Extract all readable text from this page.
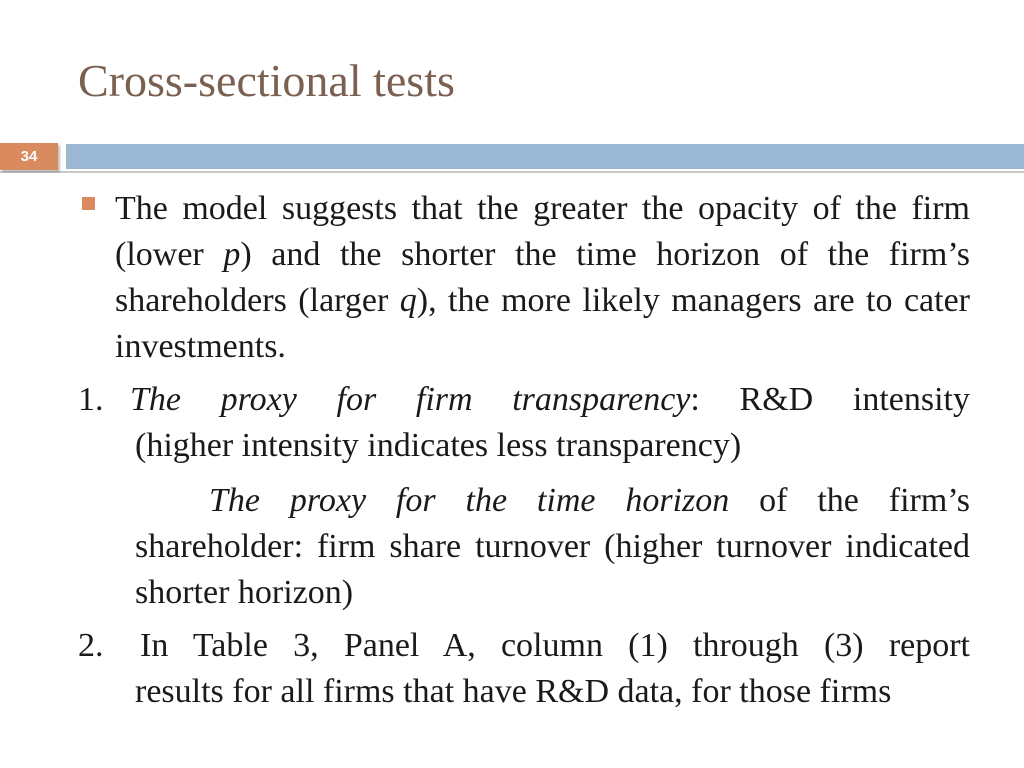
Cross-sectional tests
34
The model suggests that the greater the opacity of the firm (lower p) and the shorter the time horizon of the firm’s shareholders (larger q), the more likely managers are to cater investments.
1. The proxy for firm transparency: R&D intensity
(higher intensity indicates less transparency)
The proxy for the time horizon of the firm’s shareholder: firm share turnover (higher turnover indicated shorter horizon)
2.	In Table 3, Panel A, column (1) through (3) report
results for all firms that have R&D data, for those firms
